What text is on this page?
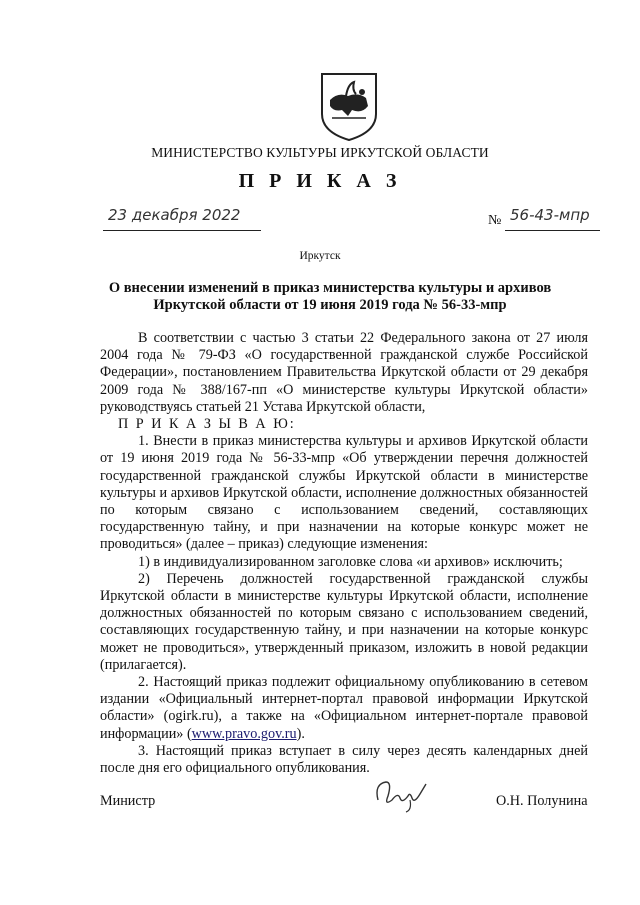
МИНИСТЕРСТВО КУЛЬТУРЫ ИРКУТСКОЙ ОБЛАСТИ
П Р И К А З
23 декабря 2022	№ 56-43-мпр
Иркутск
О внесении изменений в приказ министерства культуры и архивов Иркутской области от 19 июня 2019 года № 56-33-мпр

В соответствии с частью 3 статьи 22 Федерального закона от 27 июля 2004 года № 79-ФЗ «О государственной гражданской службе Российской Федерации», постановлением Правительства Иркутской области от 29 декабря 2009 года № 388/167-пп «О министерстве культуры Иркутской области» руководствуясь статьей 21 Устава Иркутской области,

П Р И К А З Ы В А Ю:

1. Внести в приказ министерства культуры и архивов Иркутской области от 19 июня 2019 года № 56-33-мпр «Об утверждении перечня должностей государственной гражданской службы Иркутской области в министерстве культуры и архивов Иркутской области, исполнение должностных обязанностей по которым связано с использованием сведений, составляющих государственную тайну, и при назначении на которые конкурс может не проводиться» (далее – приказ) следующие изменения:

1) в индивидуализированном заголовке слова «и архивов» исключить;

2) Перечень должностей государственной гражданской службы Иркутской области в министерстве культуры Иркутской области, исполнение должностных обязанностей по которым связано с использованием сведений, составляющих государственную тайну, и при назначении на которые конкурс может не проводиться», утвержденный приказом, изложить в новой редакции (прилагается).

2. Настоящий приказ подлежит официальному опубликованию в сетевом издании «Официальный интернет-портал правовой информации Иркутской области» (ogirk.ru), а также на «Официальном интернет-портале правовой информации» (www.pravo.gov.ru).

3. Настоящий приказ вступает в силу через десять календарных дней после дня его официального опубликования.

Министр	О.Н. Полунина
